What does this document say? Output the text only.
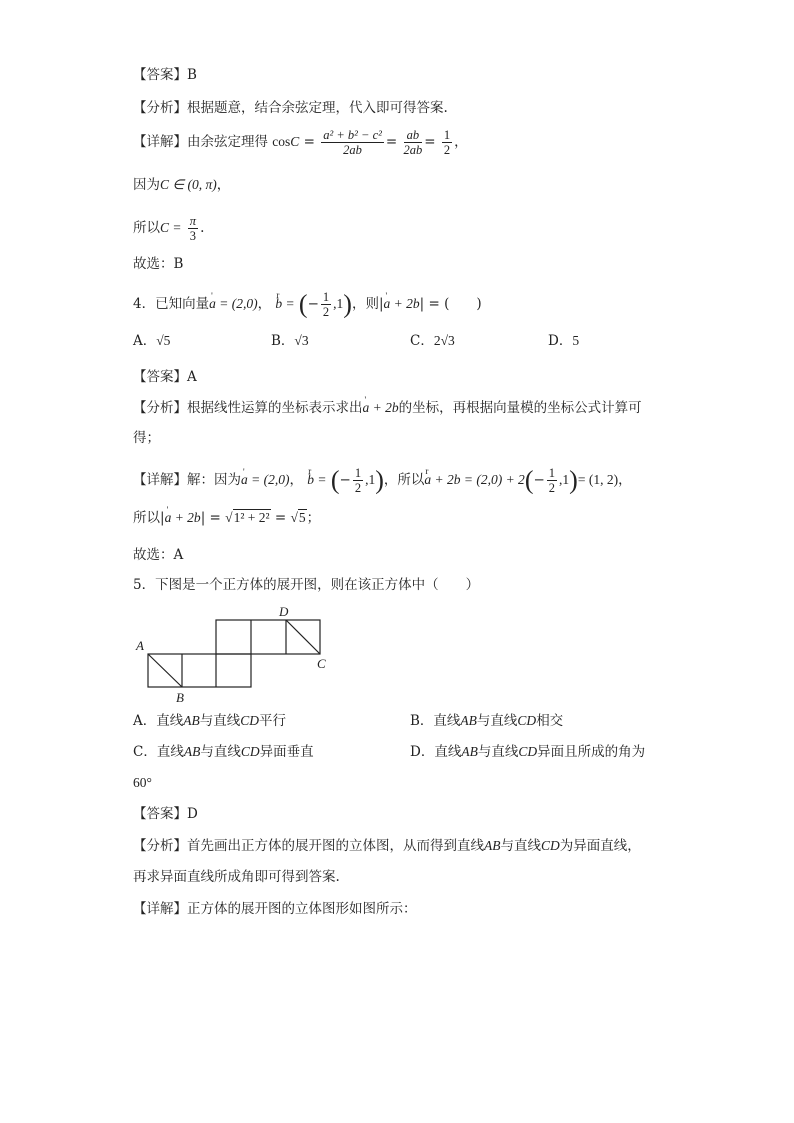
【答案】B
【分析】根据题意，结合余弦定理，代入即可得答案.
【详解】由余弦定理得 $\cos C = \frac{\text{a² + b² − c²}}{2ab} = \frac{ab}{2ab} = \frac{1}{2}$ ，
因为C ∈ (0, π)，
所以$C = \frac{\pi}{3}$ .
故选：B
4．已知向量' a = (2,0)， r b = (− $\frac{1}{2} ,1$)，则|' a + 2b| = (　　)
A．√5	B．√3	C．2√3	D．5
【答案】A
【分析】根据线性运算的坐标表示求出' a + 2b的坐标，再根据向量模的坐标公式计算可
得；
【详解】解：因为' a = (2,0)， r b = (− $\frac{1}{2} ,1$)，所以r $a + 2b = (2,0) + 2(- \frac{1}{2} ,1)= (1$, 2)，
所以|' a + 2b| = √1² + 2² = √5；
故选：A
5．下图是一个正方体的展开图，则在该正方体中（　　）
A
B
C
D
A．直线AB与直线CD平行	B．直线AB与直线CD相交
C．直线AB与直线CD异面垂直	D．直线AB与直线CD异面且所成的角为
60°
【答案】D
【分析】首先画出正方体的展开图的立体图，从而得到直线AB与直线CD为异面直线，
再求异面直线所成角即可得到答案.
【详解】正方体的展开图的立体图形如图所示：
